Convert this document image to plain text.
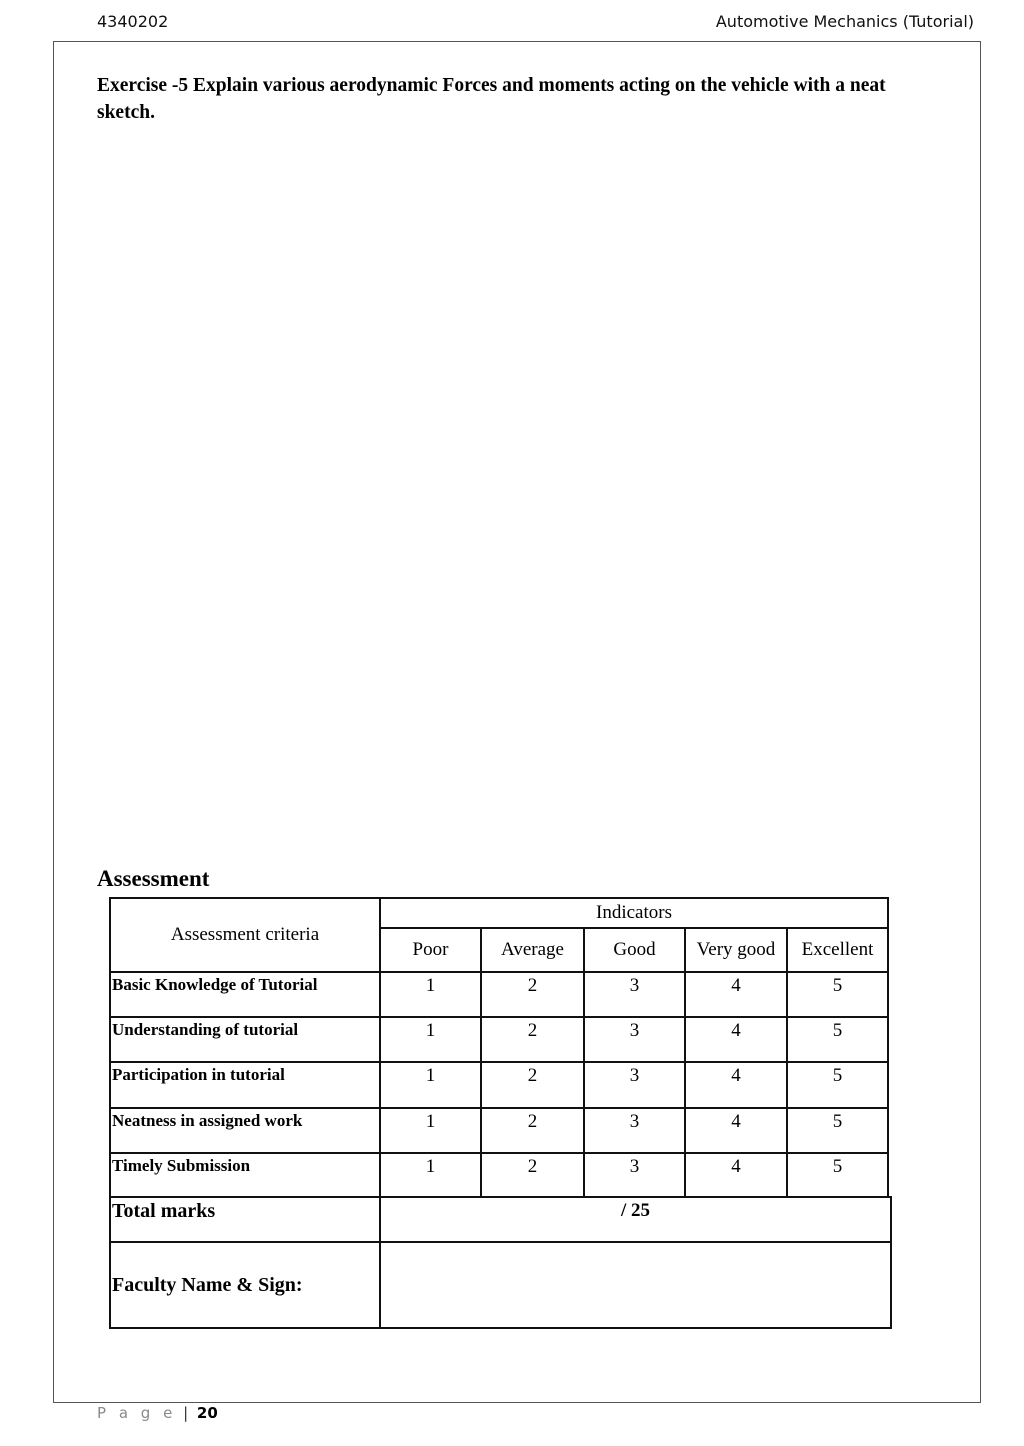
4340202	Automotive Mechanics (Tutorial)
Exercise -5 Explain various aerodynamic Forces and moments acting on the vehicle with a neat sketch.
Assessment
Assessment criteria
Indicators
Poor	Average	Good	Very good	Excellent
Basic Knowledge of Tutorial	1	2	3	4	5
Understanding of tutorial	1	2	3	4	5
Participation in tutorial	1	2	3	4	5
Neatness in assigned work	1	2	3	4	5
Timely Submission	1	2	3	4	5
Total marks	/ 25
Faculty Name & Sign:
P a g e | 20
